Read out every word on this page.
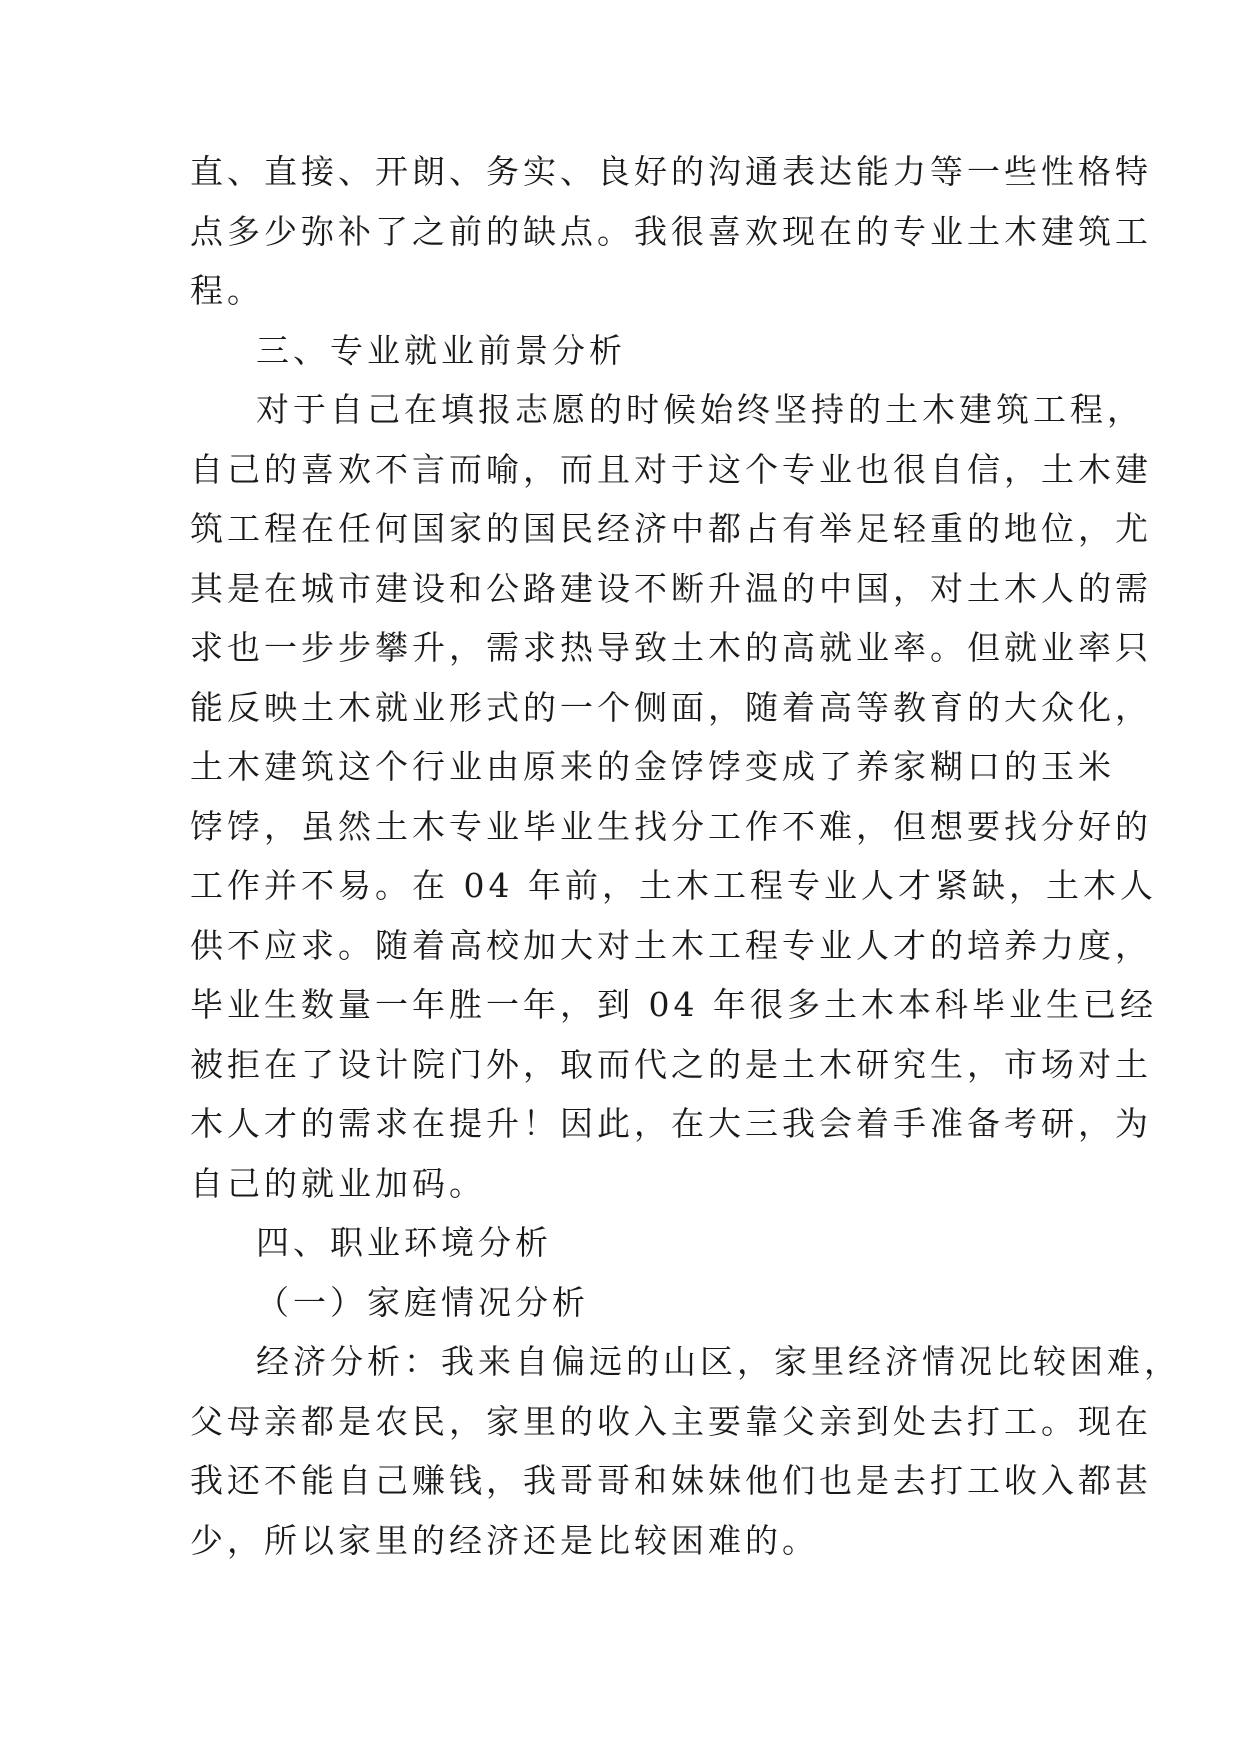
直、直接、开朗、务实、良好的沟通表达能力等一些性格特
点多少弥补了之前的缺点。我很喜欢现在的专业土木建筑工
程。
三、专业就业前景分析
对于自己在填报志愿的时候始终坚持的土木建筑工程，
自己的喜欢不言而喻，而且对于这个专业也很自信，土木建
筑工程在任何国家的国民经济中都占有举足轻重的地位，尤
其是在城市建设和公路建设不断升温的中国，对土木人的需
求也一步步攀升，需求热导致土木的高就业率。但就业率只
能反映土木就业形式的一个侧面，随着高等教育的大众化，
土木建筑这个行业由原来的金饽饽变成了养家糊口的玉米
饽饽，虽然土木专业毕业生找分工作不难，但想要找分好的
工作并不易。在 04 年前，土木工程专业人才紧缺，土木人
供不应求。随着高校加大对土木工程专业人才的培养力度，
毕业生数量一年胜一年，到 04 年很多土木本科毕业生已经
被拒在了设计院门外，取而代之的是土木研究生，市场对土
木人才的需求在提升！因此，在大三我会着手准备考研，为
自己的就业加码。
四、职业环境分析
（一）家庭情况分析
经济分析：我来自偏远的山区，家里经济情况比较困难，
父母亲都是农民，家里的收入主要靠父亲到处去打工。现在
我还不能自己赚钱，我哥哥和妹妹他们也是去打工收入都甚
少，所以家里的经济还是比较困难的。
